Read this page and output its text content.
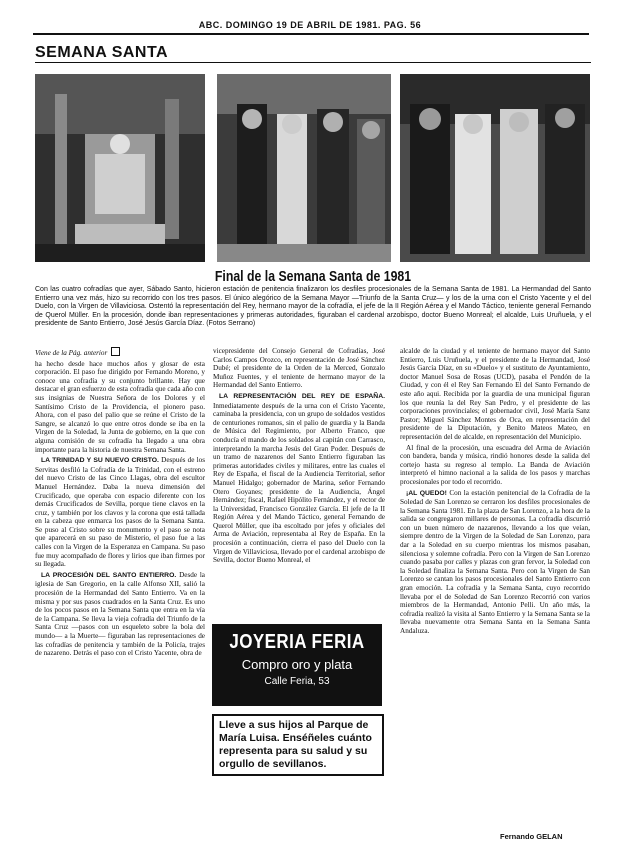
ABC. DOMINGO 19 DE ABRIL DE 1981. PAG. 56
SEMANA SANTA
Final de la Semana Santa de 1981
Con las cuatro cofradías que ayer, Sábado Santo, hicieron estación de penitencia finalizaron los desfiles procesionales de la Semana Santa de 1981. La Hermandad del Santo Entierro una vez más, hizo su recorrido con los tres pasos. El único alegórico de la Semana Mayor —Triunfo de la Santa Cruz— y los de la urna con el Cristo Yacente y el del Duelo, con la Virgen de Villaviciosa. Ostentó la representación del Rey, hermano mayor de la cofradía, el jefe de la II Región Aérea y el Mando Táctico, teniente general Fernando de Querol Müller. En la procesión, donde iban representaciones y primeras autoridades, figuraban el cardenal arzobispo, doctor Bueno Monreal; el alcalde, Luis Uruñuela, y el presidente de Santo Entierro, José Jesús García Díaz. (Fotos Serrano)
Viene de la Pág. anterior

ha hecho desde hace muchos años y glosar de esta corporación. El paso fue dirigido por Fernando Moreno, y conoce una cofradía y su conjunto brillante. Hay que destacar el gran esfuerzo de esta cofradía que cada año con sus insignias de Nuestra Señora de los Dolores y el Santísimo Cristo de la Providencia, el pionero paso. Ahora, con el paso del palio que se reúne el Cristo de la Sangre, se alcanzó lo que entre otros donde se iba en la Virgen de la Soledad, la Junta de gobierno, en la que con alguna comisión de su cofradía ha llegado a una obra importante para la historia de nuestra Semana Santa.

LA TRINIDAD Y SU NUEVO CRISTO. Después de los Servitas desfiló la Cofradía de la Trinidad, con el estreno del nuevo Cristo de las Cinco Llagas, obra del escultor Manuel Hernández. Daba la nueva dimensión del Crucificado, que operaba con espacio diferente con los demás Crucificados de Sevilla, porque tiene clavos en la cruz, y también por los clavos y la corona que está tallada en la cabeza que enmarca los pasos de la Semana Santa. Se puso al Cristo sobre su monumento y el paso se nota que aparecerá en su paso de Misterio, el paso fue a las calles con la Virgen de la Esperanza en Campana. Su paso fue muy acompañado de flores y lirios que iban firmes por su llegada.

LA PROCESIÓN DEL SANTO ENTIERRO. Desde la iglesia de San Gregorio, en la calle Alfonso XII, salió la procesión de la Hermandad del Santo Entierro. Va en la misma y por sus pasos cuadrados en la Santa Cruz. Es uno de los pocos pasos en la Semana Santa que entra en la vía de la Campana. Se lleva la vieja cofradía del Triunfo de la Santa Cruz —pasos con un esqueleto sobre la bola del mundo— a la Muerte— figuraban las representaciones de las cofradías de penitencia y también de la Policía, trajes de nazareno. Detrás el paso con el Cristo Yacente, obra de

vicepresidente del Consejo General de Cofradías, José Carlos Campos Orozco, en representación de José Sánchez Dubé; el presidente de la Orden de la Merced, Gonzalo Muñoz Fuentes, y el teniente de hermano mayor de la Hermandad del Santo Entierro.

LA REPRESENTACIÓN DEL REY DE ESPAÑA. Inmediatamente después de la urna con el Cristo Yacente, caminaba la presidencia, con un grupo de soldados vestidos de centuriones romanos, sin el palio de guardia y la Banda de Música del Regimiento, por Alberto Franco, que conducía el mando de los soldados al capitán con Carrasco, interpretando la marcha Jesús del Gran Poder. Después de un tramo de nazarenos del Santo Entierro figuraban las primeras autoridades civiles y militares, entre las cuales el Rey de España, el fiscal de la Audiencia Territorial, señor Manuel Hidalgo; gobernador de Marina, señor Fernando Otero Goyanes; presidente de la Audiencia, Ángel Hernández; fiscal, Rafael Hipólito Fernández, y el rector de la Universidad, Francisco González García. El jefe de la II Región Aérea y del Mando Táctico, general Fernando de Querol Müller, que iba escoltado por jefes y oficiales del Arma de Aviación, representaba al Rey de España. En la procesión a continuación, cierra el paso del Duelo con la Virgen de Villaviciosa, llevado por el cardenal arzobispo de Sevilla, doctor Bueno Monreal, el

JOYERIA FERIA
Compro oro y plata
Calle Feria, 53
Lleve a sus hijos al Parque de María Luisa. Enséñeles cuánto representa para su salud y su orgullo de sevillanos.

alcalde de la ciudad y el teniente de hermano mayor del Santo Entierro, Luis Uruñuela, y el presidente de la Hermandad, José Jesús García Díaz, en su «Duelo» y el sustituto de Ayuntamiento, doctor Manuel Sosa de Rosas (UCD), pasaba el Pendón de la Ciudad, y con él el Rey San Fernando El del Santo Fernando de este año aqui. Recibida por la guardia de una municipal figuran los que reunía la del Rey San Pedro, y el presidente de las corporaciones provinciales; el gobernador civil, José María Sanz Pastor; Miguel Sánchez Montes de Oca, en representación del presidente de la Diputación, y Benito Mateos Mateo, en representación del de alcalde, en representación del Municipio.

Al final de la procesión, una escuadra del Arma de Aviación con bandera, banda y música, rindió honores desde la salida del cortejo hasta su regreso al templo. La Banda de Aviación interpretó el himno nacional a la salida de los pasos y marchas procesionales por todo el recorrido.

¡AL QUEDO! Con la estación penitencial de la Cofradía de la Soledad de San Lorenzo se cerraron los desfiles procesionales de la Semana Santa 1981. En la plaza de San Lorenzo, a la hora de la salida se congregaron millares de personas. La cofradía discurrió con un buen número de nazarenos, llevando a los que veían, siempre dentro de la Virgen de la Soledad de San Lorenzo, para dar a la Soledad en su cuerpo mientras los mismos pasaban, silenciosa y solemne cofradía. Pero con la Virgen de San Lorenzo cuando pasaba por calles y plazas con gran fervor, la Soledad con la Soledad finaliza la Semana Santa. Pero con la Virgen de San Lorenzo se cantan los pasos procesionales del Santo Entierro con gran emoción. La cofradía y la Semana Santa, cuyo recorrido llevaba por el de Soledad de San Lorenzo Recorrió con varios miembros de la Hermandad, Antonio Pelli. Un año más, la cofradía realizó la visita al Santo Entierro y la Semana Santa se la llevaba nuevamente otra Semana Santa en la Semana Santa Andaluza.

Fernando GELAN
